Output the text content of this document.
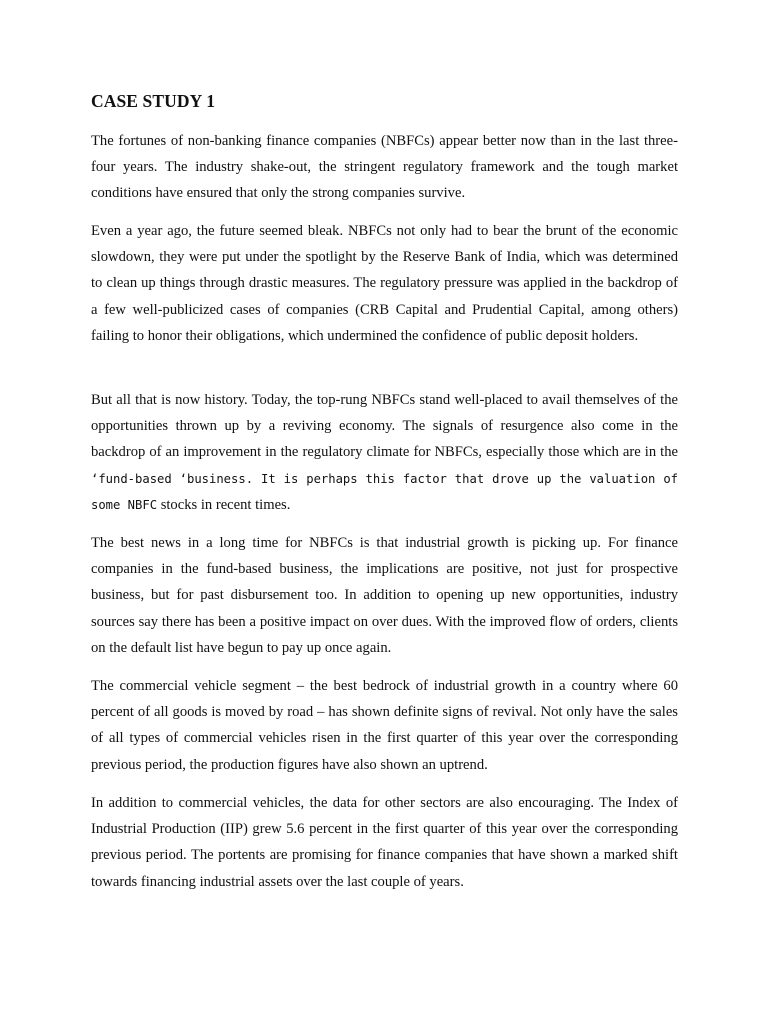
CASE STUDY 1

The fortunes of non-banking finance companies (NBFCs) appear better now than in the last three-four years. The industry shake-out, the stringent regulatory framework and the tough market conditions have ensured that only the strong companies survive.

Even a year ago, the future seemed bleak. NBFCs not only had to bear the brunt of the economic slowdown, they were put under the spotlight by the Reserve Bank of India, which was determined to clean up things through drastic measures. The regulatory pressure was applied in the backdrop of a few well-publicized cases of companies (CRB Capital and Prudential Capital, among others) failing to honor their obligations, which undermined the confidence of public deposit holders.

But all that is now history. Today, the top-rung NBFCs stand well-placed to avail themselves of the opportunities thrown up by a reviving economy. The signals of resurgence also come in the backdrop of an improvement in the regulatory climate for NBFCs, especially those which are in the ‘fund-based ‘business. It is perhaps this factor that drove up the valuation of some NBFC stocks in recent times.

The best news in a long time for NBFCs is that industrial growth is picking up. For finance companies in the fund-based business, the implications are positive, not just for prospective business, but for past disbursement too. In addition to opening up new opportunities, industry sources say there has been a positive impact on over dues. With the improved flow of orders, clients on the default list have begun to pay up once again.

The commercial vehicle segment – the best bedrock of industrial growth in a country where 60 percent of all goods is moved by road – has shown definite signs of revival. Not only have the sales of all types of commercial vehicles risen in the first quarter of this year over the corresponding previous period, the production figures have also shown an uptrend.

In addition to commercial vehicles, the data for other sectors are also encouraging. The Index of Industrial Production (IIP) grew 5.6 percent in the first quarter of this year over the corresponding previous period. The portents are promising for finance companies that have shown a marked shift towards financing industrial assets over the last couple of years.
